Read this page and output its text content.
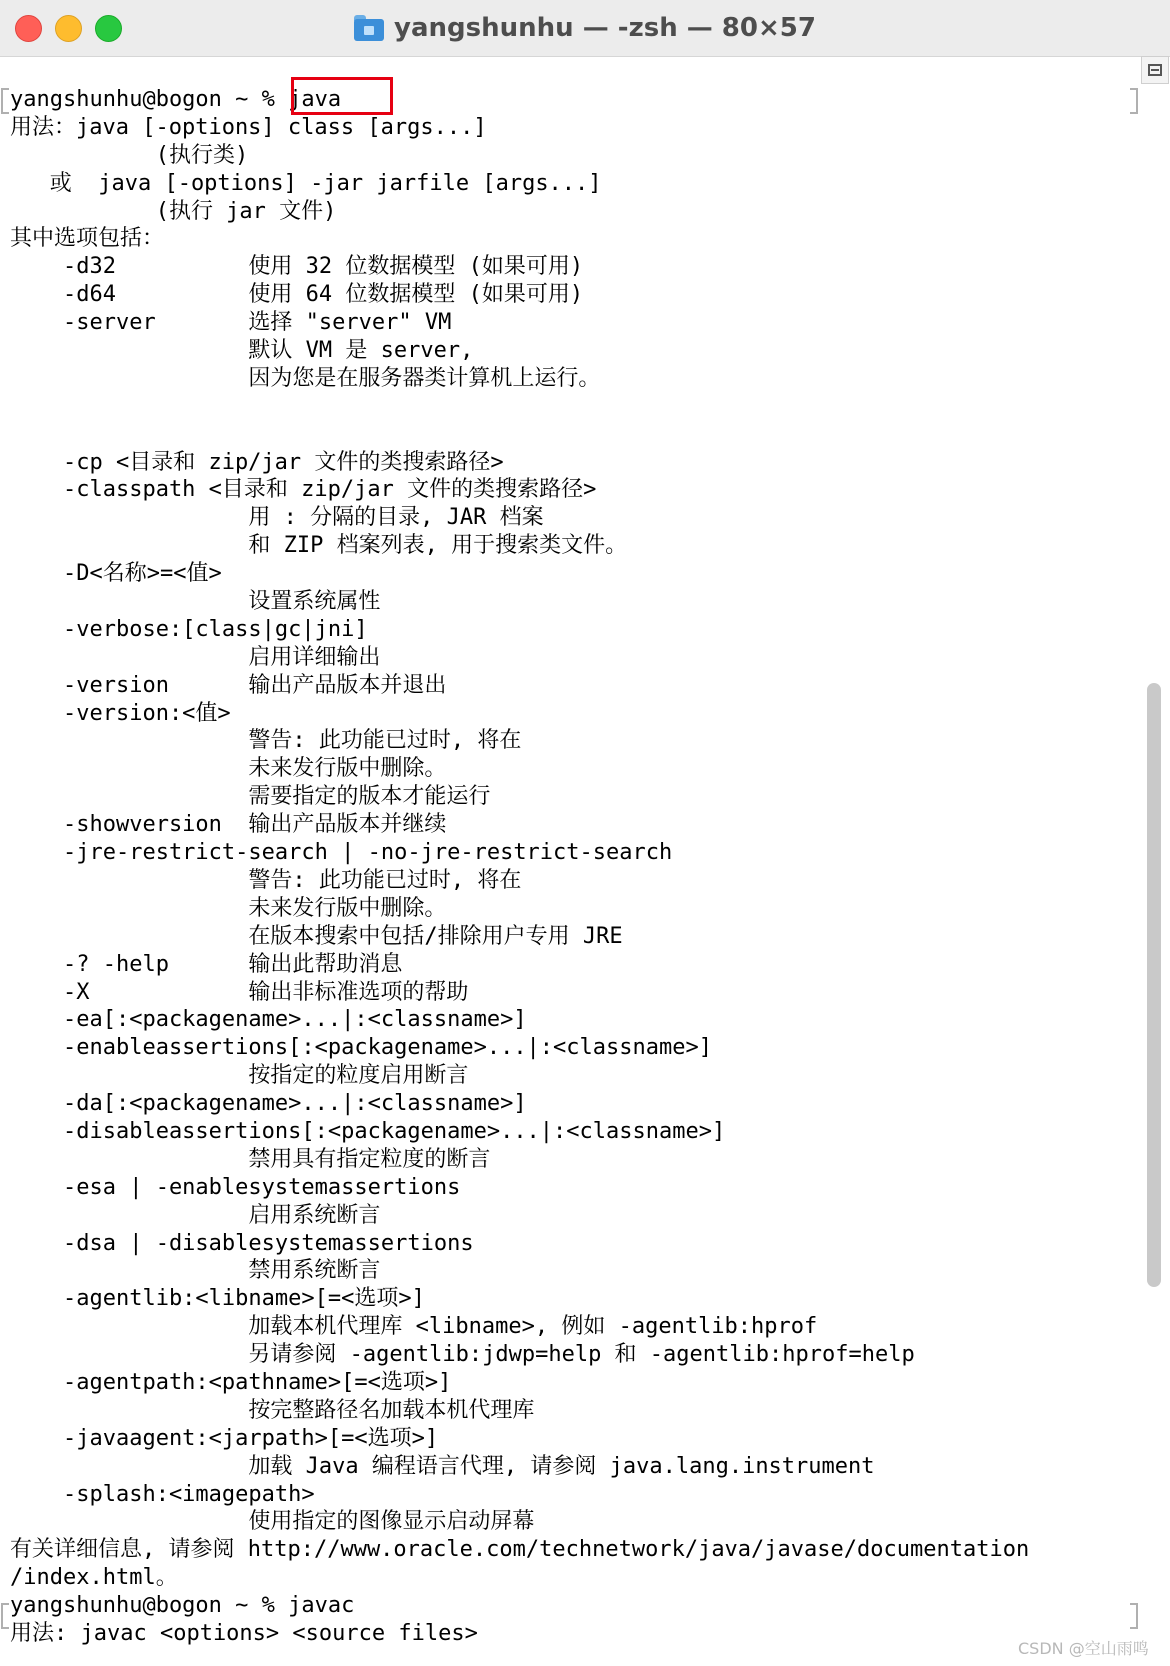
yangshunhu — -zsh — 80×57
yangshunhu@bogon ~ % java
用法：java [-options] class [args...]
(执行类)
或  java [-options] -jar jarfile [args...]
(执行 jar 文件)
其中选项包括：
-d32          使用 32 位数据模型 (如果可用)
-d64          使用 64 位数据模型 (如果可用)
-server       选择 "server" VM
默认 VM 是 server,
因为您是在服务器类计算机上运行。
-cp <目录和 zip/jar 文件的类搜索路径>
-classpath <目录和 zip/jar 文件的类搜索路径>
用 : 分隔的目录, JAR 档案
和 ZIP 档案列表, 用于搜索类文件。
-D<名称>=<值>
设置系统属性
-verbose:[class|gc|jni]
启用详细输出
-version      输出产品版本并退出
-version:<值>
警告: 此功能已过时, 将在
未来发行版中删除。
需要指定的版本才能运行
-showversion  输出产品版本并继续
-jre-restrict-search | -no-jre-restrict-search
警告: 此功能已过时, 将在
未来发行版中删除。
在版本搜索中包括/排除用户专用 JRE
-? -help      输出此帮助消息
-X            输出非标准选项的帮助
-ea[:<packagename>...|:<classname>]
-enableassertions[:<packagename>...|:<classname>]
按指定的粒度启用断言
-da[:<packagename>...|:<classname>]
-disableassertions[:<packagename>...|:<classname>]
禁用具有指定粒度的断言
-esa | -enablesystemassertions
启用系统断言
-dsa | -disablesystemassertions
禁用系统断言
-agentlib:<libname>[=<选项>]
加载本机代理库 <libname>, 例如 -agentlib:hprof
另请参阅 -agentlib:jdwp=help 和 -agentlib:hprof=help
-agentpath:<pathname>[=<选项>]
按完整路径名加载本机代理库
-javaagent:<jarpath>[=<选项>]
加载 Java 编程语言代理, 请参阅 java.lang.instrument
-splash:<imagepath>
使用指定的图像显示启动屏幕
有关详细信息, 请参阅 http://www.oracle.com/technetwork/java/javase/documentation
/index.html。
yangshunhu@bogon ~ % javac
用法: javac <options> <source files>
CSDN @空山雨鸣
